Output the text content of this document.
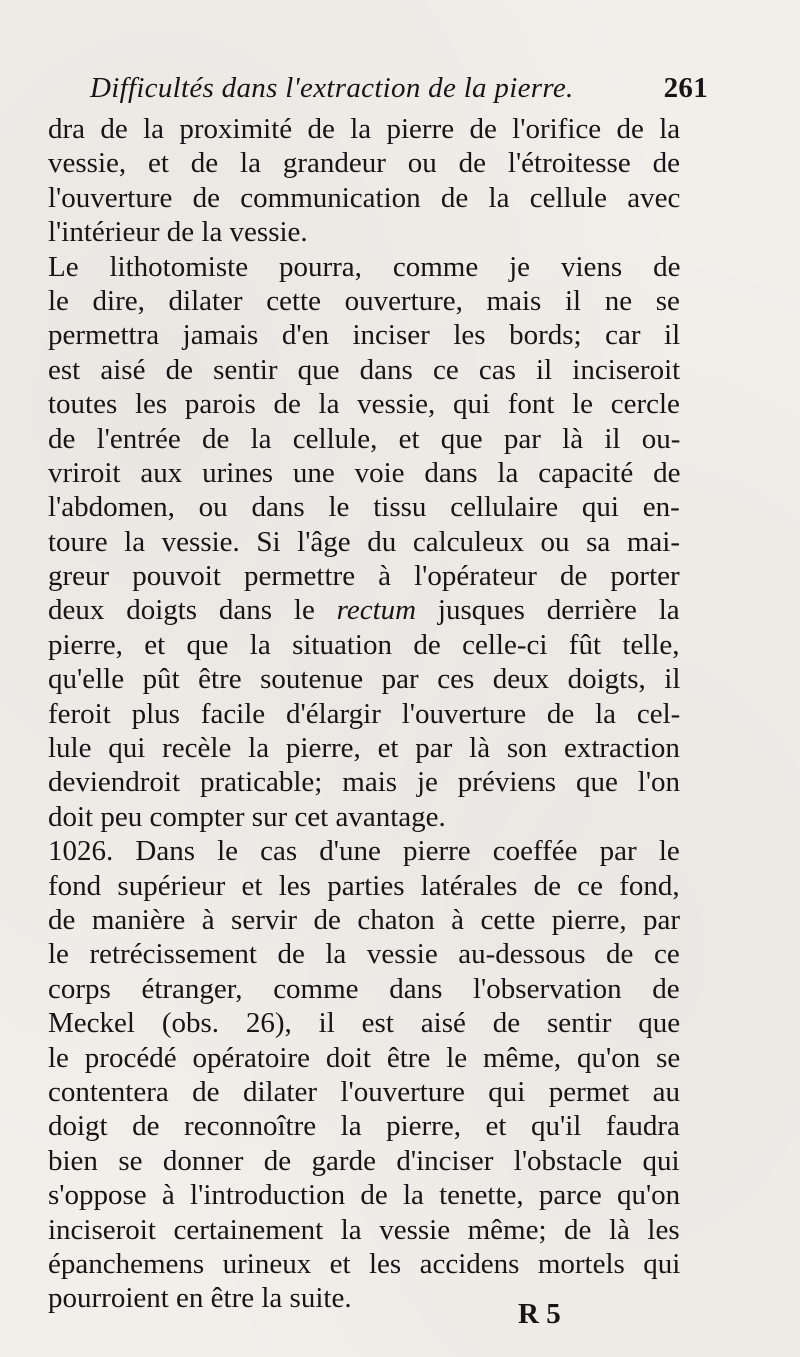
Difficultés dans l'extraction de la pierre.	261
dra de la proximité de la pierre de l'orifice de la
vessie, et de la grandeur ou de l'étroitesse de
l'ouverture de communication de la cellule avec
l'intérieur de la vessie.
Le lithotomiste pourra, comme je viens de
le dire, dilater cette ouverture, mais il ne se
permettra jamais d'en inciser les bords; car il
est aisé de sentir que dans ce cas il inciseroit
toutes les parois de la vessie, qui font le cercle
de l'entrée de la cellule, et que par là il ou-
vriroit aux urines une voie dans la capacité de
l'abdomen, ou dans le tissu cellulaire qui en-
toure la vessie. Si l'âge du calculeux ou sa mai-
greur pouvoit permettre à l'opérateur de porter
deux doigts dans le rectum jusques derrière la
pierre, et que la situation de celle-ci fût telle,
qu'elle pût être soutenue par ces deux doigts, il
feroit plus facile d'élargir l'ouverture de la cel-
lule qui recèle la pierre, et par là son extraction
deviendroit praticable; mais je préviens que l'on
doit peu compter sur cet avantage.
1026. Dans le cas d'une pierre coeffée par le
fond supérieur et les parties latérales de ce fond,
de manière à servir de chaton à cette pierre, par
le retrécissement de la vessie au-dessous de ce
corps étranger, comme dans l'observation de
Meckel (obs. 26), il est aisé de sentir que
le procédé opératoire doit être le même, qu'on se
contentera de dilater l'ouverture qui permet au
doigt de reconnoître la pierre, et qu'il faudra
bien se donner de garde d'inciser l'obstacle qui
s'oppose à l'introduction de la tenette, parce qu'on
inciseroit certainement la vessie même; de là les
épanchemens urineux et les accidens mortels qui
pourroient en être la suite.	R 5
